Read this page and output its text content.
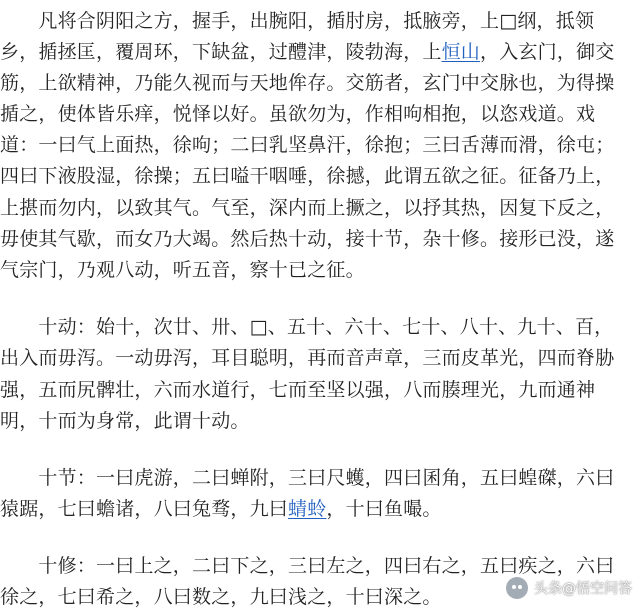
　　凡将合阴阳之方，握手，出腕阳，揗肘房，抵腋旁，上□纲，抵领
乡，揗拯匡，覆周环，下缺盆，过醴津，陵勃海，上恒山，入玄门，御交
筋，上欲精神，乃能久视而与天地侔存。交筋者，玄门中交脉也，为得操
揗之，使体皆乐痒，悦怿以好。虽欲勿为，作相呴相抱，以恣戏道。戏
道：一曰气上面热，徐呴；二曰乳坚鼻汗，徐抱；三曰舌薄而滑，徐屯；
四曰下液股湿，徐操；五曰嗌干咽唾，徐撼，此谓五欲之征。征备乃上，
上揕而勿内，以致其气。气至，深内而上撅之，以抒其热，因复下反之，
毋使其气歇，而女乃大竭。然后热十动，接十节，杂十修。接形已没，遂
气宗门，乃观八动，听五音，察十已之征。
　　十动：始十，次廿、卅、□、五十、六十、七十、八十、九十、百，
出入而毋泻。一动毋泻，耳目聪明，再而音声章，三而皮革光，四而脊胁
强，五而尻髀壮，六而水道行，七而至坚以强，八而腠理光，九而通神
明，十而为身常，此谓十动。
　　十节：一曰虎游，二曰蝉附，三曰尺蠖，四曰囷角，五曰蝗磔，六曰
猿踞，七曰蟾诸，八曰兔骛，九曰蜻蛉，十曰鱼嘬。
　　十修：一曰上之，二曰下之，三曰左之，四曰右之，五曰疾之，六曰
徐之，七曰希之，八曰数之，九曰浅之，十曰深之。	头条@悟空问答
